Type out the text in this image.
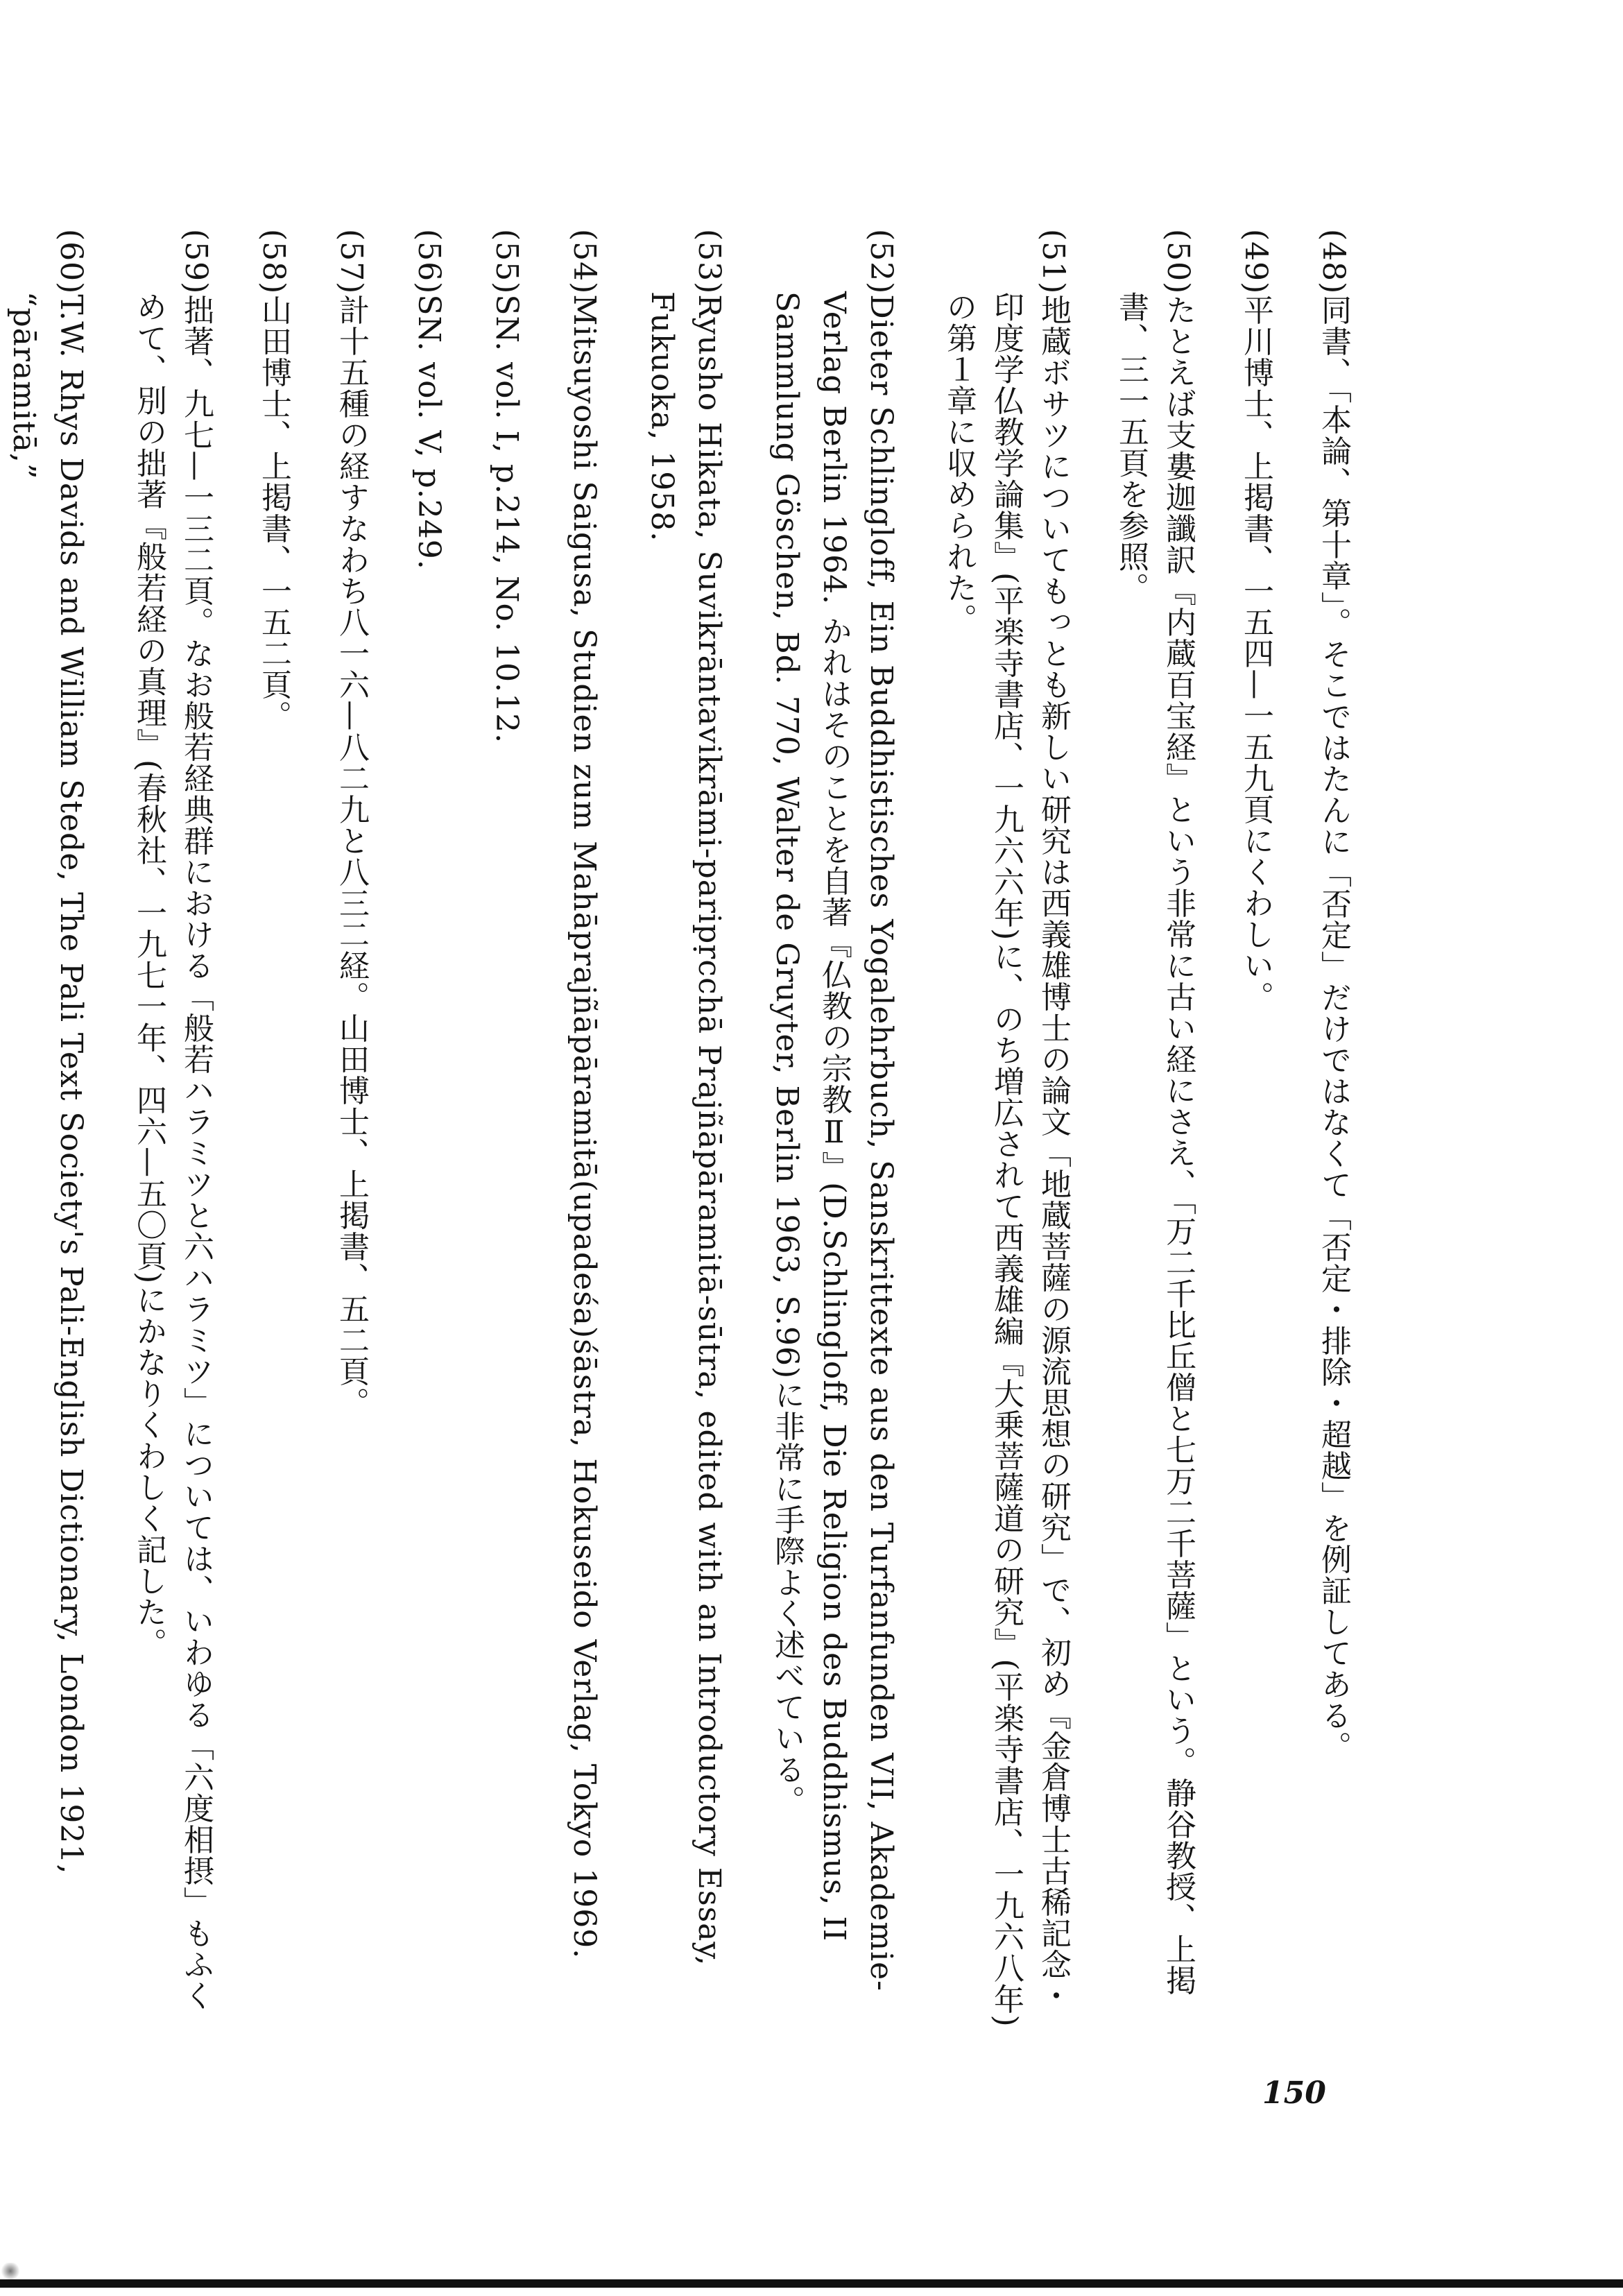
(48)同書、「本論、第十章」。そこではたんに「否定」だけではなくて「否定・排除・超越」を例証してある。

(49)平川博士、上掲書、一五四—一五九頁にくわしい。

(50)たとえば支婁迦讖訳『内蔵百宝経』という非常に古い経にさえ、「万二千比丘僧と七万二千菩薩」という。静谷教授、上掲書、三一五頁を参照。

(51)地蔵ボサツについてもっとも新しい研究は西義雄博士の論文「地蔵菩薩の源流思想の研究」で、初め『金倉博士古稀記念・印度学仏教学論集』(平楽寺書店、一九六六年)に、のち増広されて西義雄編『大乗菩薩道の研究』(平楽寺書店、一九六八年)の第１章に収められた。

(52)Dieter Schlingloff, Ein Buddhistisches Yogalehrbuch, Sanskrittexte aus den Turfanfunden VII, Akademie-Verlag Berlin 1964. かれはそのことを自著『仏教の宗教Ⅱ』(D.Schlingloff, Die Religion des Buddhismus, II Sammlung Göschen, Bd. 770, Walter de Gruyter, Berlin 1963, S.96)に非常に手際よく述べている。

(53)Ryusho Hikata, Suvikrāntavikrāmi-paripṛcchā Prajñāpāramitā-sūtra, edited with an Introductory Essay, Fukuoka, 1958.

(54)Mitsuyoshi Saigusa, Studien zum Mahāprajñāpāramitā(upadeśa)śāstra, Hokuseido Verlag, Tokyo 1969.

(55)SN. vol. I, p.214, No. 10.12.

(56)SN. vol. V, p.249.

(57)計十五種の経すなわち八一六—八二九と八三二経。山田博士、上掲書、五二頁。

(58)山田博士、上掲書、一五二頁。

(59)拙著、九七—一三二頁。なお般若経典群における「般若ハラミツと六ハラミツ」については、いわゆる「六度相摂」もふくめて、別の拙著『般若経の真理』(春秋社、一九七一年、四六—五〇頁)にかなりくわしく記した。

(60)T.W. Rhys Davids and William Stede, The Pali Text Society's Pali-English Dictionary, London 1921, “pāramitā,”

150
